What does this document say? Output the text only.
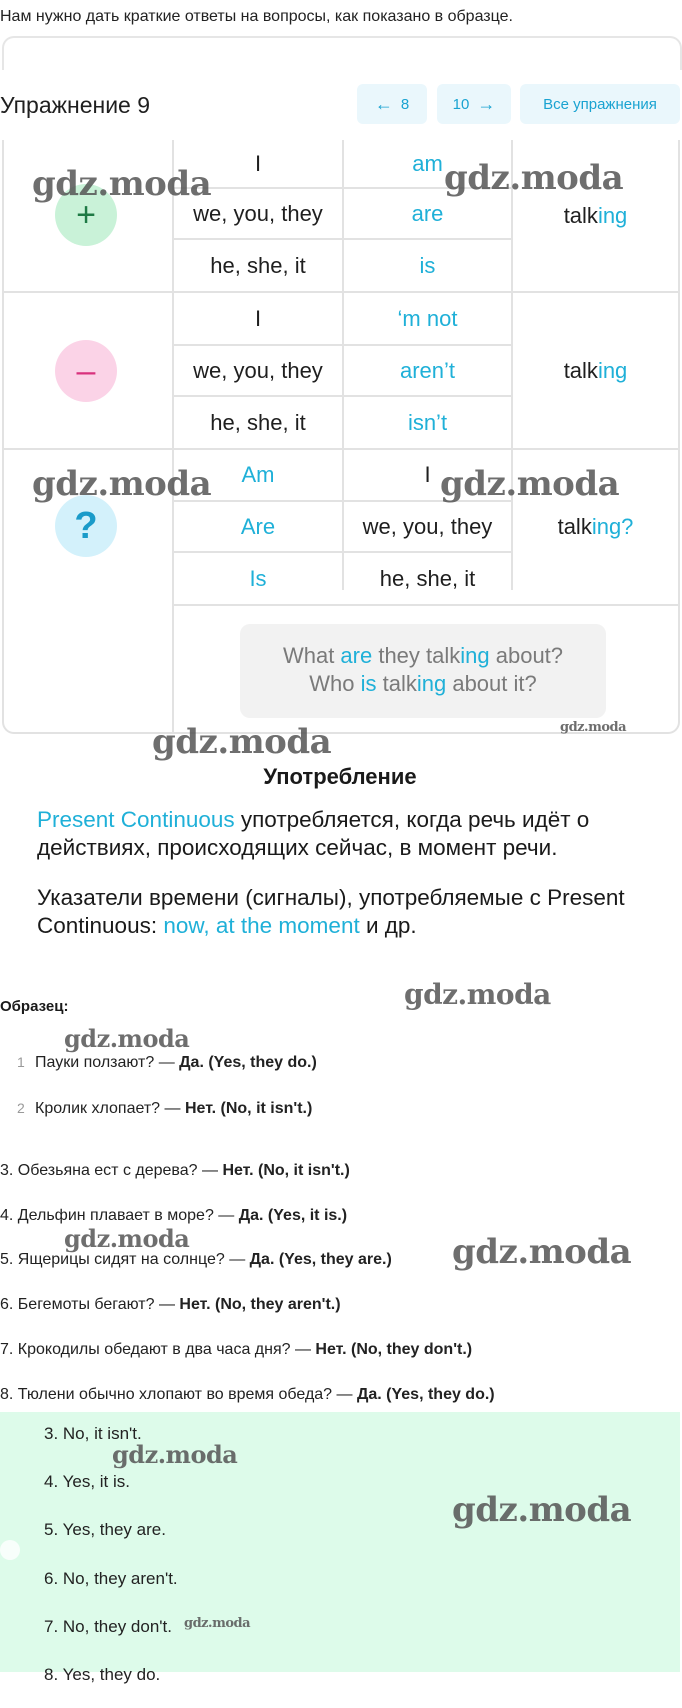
Нам нужно дать краткие ответы на вопросы, как показано в образце.
Упражнение 9	← 8	10 →	Все упражнения
+
I	am
we, you, they	are
he, she, it	is
talk ing
–
I	‘m not
we, you, they	aren’t
he, she, it	isn’t
talk ing
?
Am	I
Are	we, you, they
Is	he, she, it
talk ing?
What are they talking about?
Who is talking about it?
Употребление
Present Continuous употребляется, когда речь идёт о действиях, происходящих сейчас, в момент речи.
Указатели времени (сигналы), употребляемые с Present Continuous: now, at the moment и др.
Образец:
1 Пауки ползают? — Да. (Yes, they do.)
2 Кролик хлопает? — Нет. (No, it isn't.)
3. Обезьяна ест с дерева? — Нет. (No, it isn't.)
4. Дельфин плавает в море? — Да. (Yes, it is.)
5. Ящерицы сидят на солнце? — Да. (Yes, they are.)
6. Бегемоты бегают? — Нет. (No, they aren't.)
7. Крокодилы обедают в два часа дня? — Нет. (No, they don't.)
8. Тюлени обычно хлопают во время обеда? — Да. (Yes, they do.)
3. No, it isn't.
4. Yes, it is.
5. Yes, they are.
6. No, they aren't.
7. No, they don't.
8. Yes, they do.
gdz.moda	gdz.moda
gdz.moda	gdz.moda
gdz.moda	gdz.moda
gdz.moda
gdz.moda
gdz.moda	gdz.moda
gdz.moda
gdz.moda
gdz.moda
